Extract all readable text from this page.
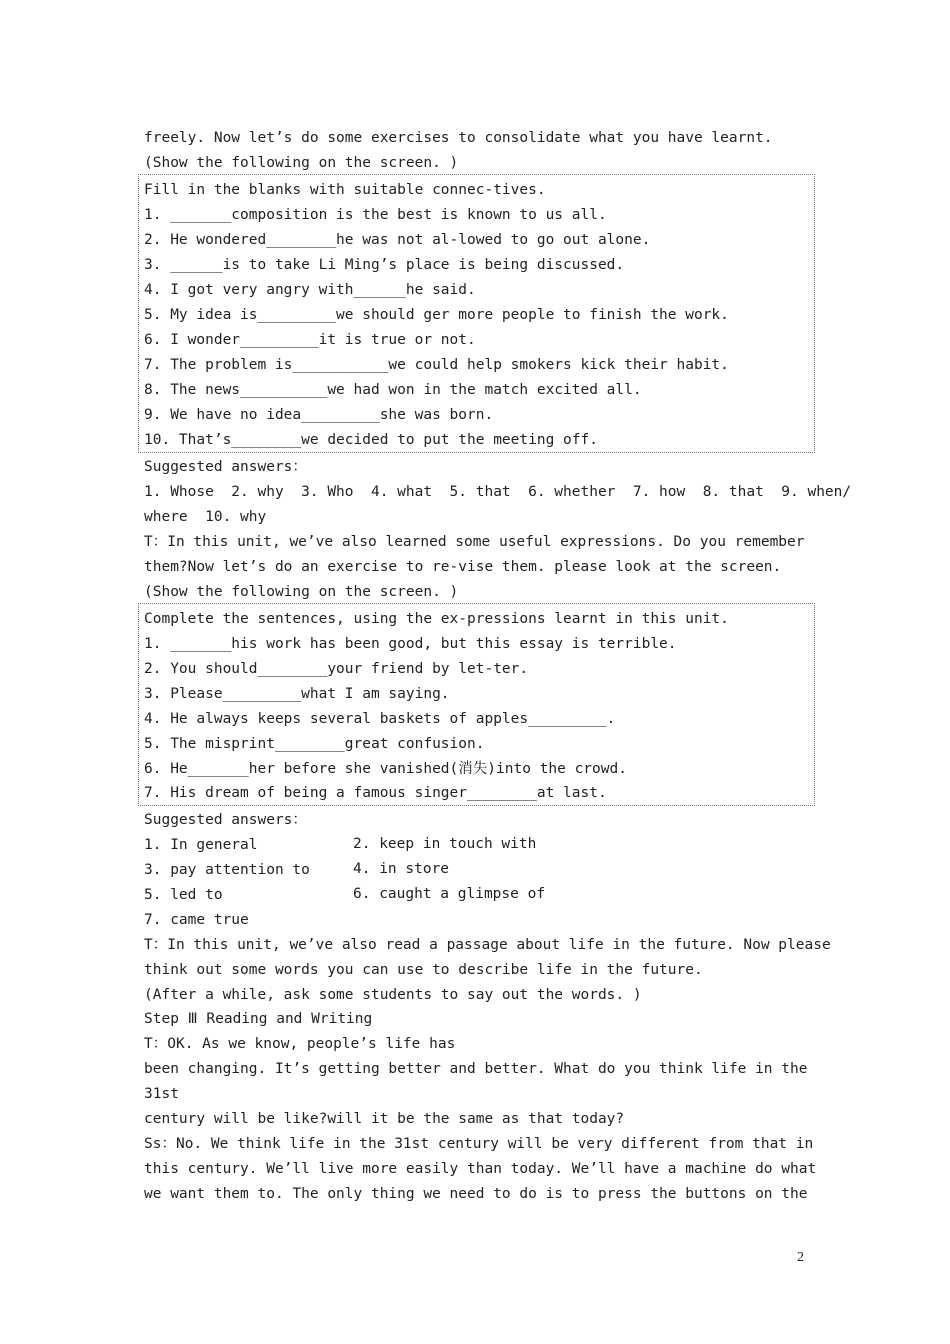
freely. Now let’s do some exercises to consolidate what you have learnt.
(Show the following on the screen. )
Fill in the blanks with suitable connec-tives.
1. _______composition is the best is known to us all.
2. He wondered________he was not al-lowed to go out alone.
3. ______is to take Li Ming’s place is being discussed.
4. I got very angry with______he said.
5. My idea is_________we should ger more people to finish the work.
6. I wonder_________it is true or not.
7. The problem is___________we could help smokers kick their habit.
8. The news__________we had won in the match excited all.
9. We have no idea_________she was born.
10. That’s________we decided to put the meeting off.
Suggested answers：
1. Whose  2. why  3. Who  4. what  5. that  6. whether  7. how  8. that  9. when/
where  10. why
T：In this unit, we’ve also learned some useful expressions. Do you remember
them?Now let’s do an exercise to re-vise them. please look at the screen.
(Show the following on the screen. )
Complete the sentences, using the ex-pressions learnt in this unit.
1. _______his work has been good, but this essay is terrible.
2. You should________your friend by let-ter.
3. Please_________what I am saying.
4. He always keeps several baskets of apples_________.
5. The misprint________great confusion.
6. He_______her before she vanished(消失)into the crowd.
7. His dream of being a famous singer________at last.
Suggested answers：
1. In general	2. keep in touch with
3. pay attention to	4. in store
5. led to	6. caught a glimpse of
7. came true
T：In this unit, we’ve also read a passage about life in the future. Now please
think out some words you can use to describe life in the future.
(After a while, ask some students to say out the words. )
Step Ⅲ Reading and Writing
T：OK. As we know, people’s life has
been changing. It’s getting better and better. What do you think life in the
31st
century will be like?will it be the same as that today?
Ss：No. We think life in the 31st century will be very different from that in
this century. We’ll live more easily than today. We’ll have a machine do what
we want them to. The only thing we need to do is to press the buttons on the
2
